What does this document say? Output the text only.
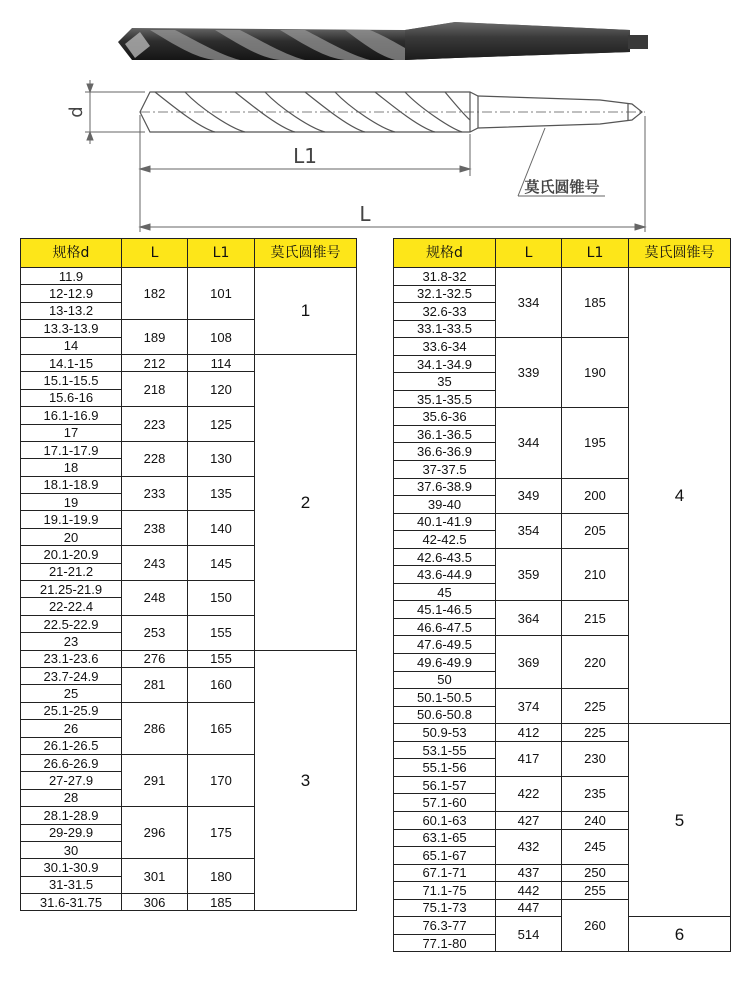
d
L1
L
莫氏圆锥号
规格d	L	L1	莫氏圆锥号
11.9	182	101	1
12-12.9			
13-13.2			
13.3-13.9	189	108	
14			
14.1-15	212	114	2
15.1-15.5	218	120	
15.6-16			
16.1-16.9	223	125	
17			
17.1-17.9	228	130	
18			
18.1-18.9	233	135	
19			
19.1-19.9	238	140	
20			
20.1-20.9	243	145	
21-21.2			
21.25-21.9	248	150	
22-22.4			
22.5-22.9	253	155	
23			
23.1-23.6	276	155	3
23.7-24.9	281	160	
25			
25.1-25.9	286	165	
26			
26.1-26.5			
26.6-26.9	291	170	
27-27.9			
28			
28.1-28.9	296	175	
29-29.9			
30			
30.1-30.9	301	180	
31-31.5			
31.6-31.75	306	185	
规格d	L	L1	莫氏圆锥号
31.8-32	334	185	4
32.1-32.5			
32.6-33			
33.1-33.5			
33.6-34	339	190	
34.1-34.9			
35			
35.1-35.5			
35.6-36	344	195	
36.1-36.5			
36.6-36.9			
37-37.5			
37.6-38.9	349	200	
39-40			
40.1-41.9	354	205	
42-42.5			
42.6-43.5	359	210	
43.6-44.9			
45			
45.1-46.5	364	215	
46.6-47.5			
47.6-49.5	369	220	
49.6-49.9			
50			
50.1-50.5	374	225	
50.6-50.8			
50.9-53	412	225	5
53.1-55	417	230	
55.1-56			
56.1-57	422	235	
57.1-60			
60.1-63	427	240	
63.1-65	432	245	
65.1-67			
67.1-71	437	250	
71.1-75	442	255	
75.1-73	447	260	
76.3-77	514		6
77.1-80			
